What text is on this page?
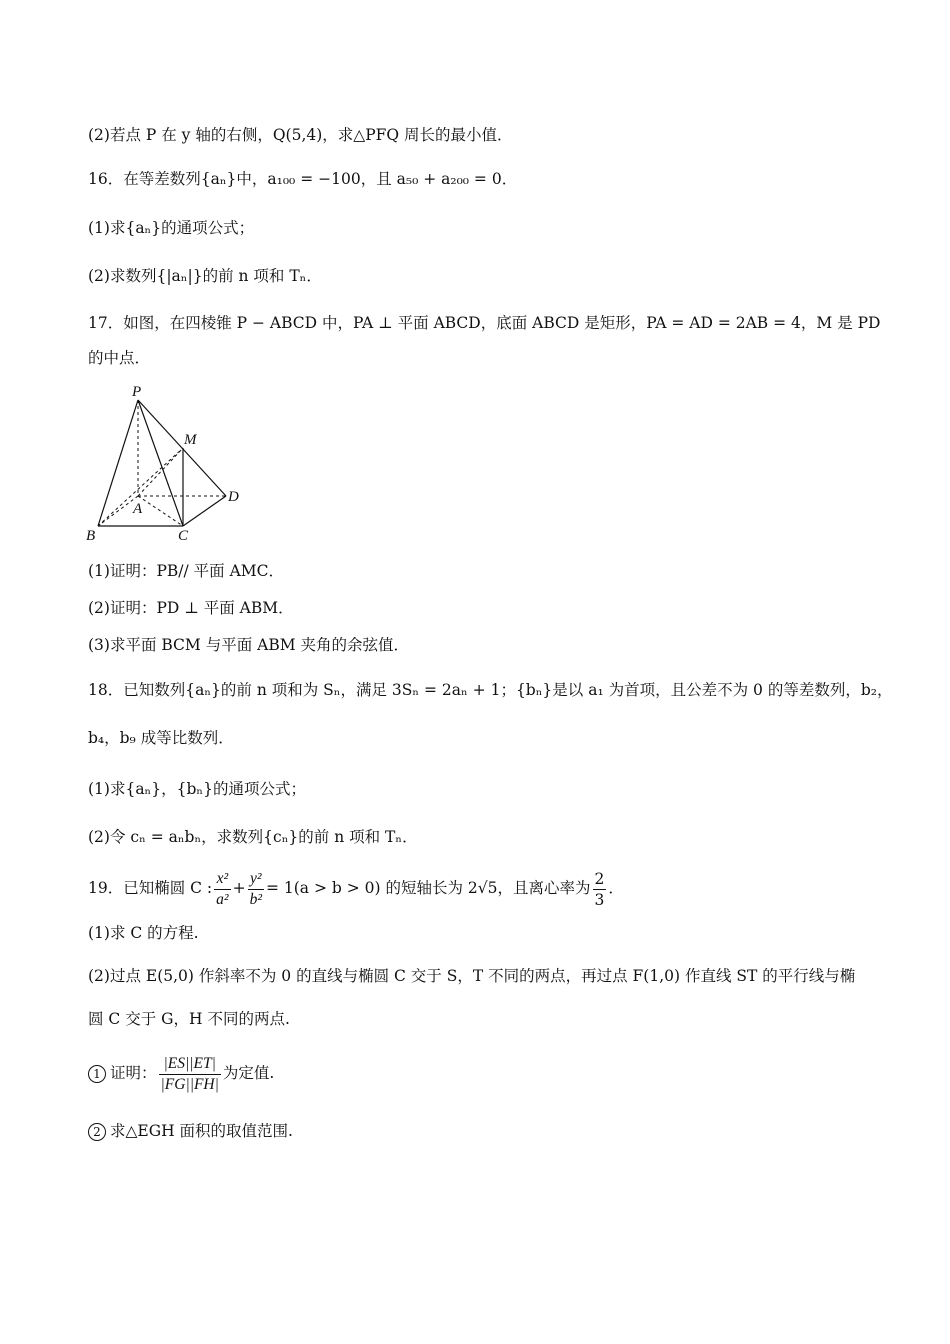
(2)若点 P 在 y 轴的右侧，Q(5,4)，求△PFQ 周长的最小值．
16．在等差数列{aₙ}中，a₁₀₀ = −100，且 a₅₀ + a₂₀₀ = 0．
(1)求{aₙ}的通项公式；
(2)求数列{|aₙ|}的前 n 项和 Tₙ．
17．如图，在四棱锥 P − ABCD 中，PA ⊥ 平面 ABCD，底面 ABCD 是矩形，PA = AD = 2AB = 4，M 是 PD
的中点．
P
M
A
B	C
D
(1)证明：PB// 平面 AMC．
(2)证明：PD ⊥ 平面 ABM．
(3)求平面 BCM 与平面 ABM 夹角的余弦值．
18．已知数列{aₙ}的前 n 项和为 Sₙ，满足 3Sₙ = 2aₙ + 1；{bₙ}是以 a₁ 为首项，且公差不为 0 的等差数列，b₂，
b₄，b₉ 成等比数列．
(1)求{aₙ}，{bₙ}的通项公式；
(2)令 cₙ = aₙbₙ，求数列{cₙ}的前 n 项和 Tₙ．
19．已知椭圆 C : $\frac{\text{x²}}{\text{a²}} + \frac{\text{y²}}{\text{b²}} = 1(a > b > 0)$ 的短轴长为 2√5，且离心率为 $\frac{2}{3}$ ．
(1)求 C 的方程.
(2)过点 E(5,0) 作斜率不为 0 的直线与椭圆 C 交于 S，T 不同的两点，再过点 F(1,0) 作直线 ST 的平行线与椭
圆 C 交于 G，H 不同的两点.
1 证明： $\frac{|ES||ET|}{|FG||FH|}$ 为定值.
2 求△EGH 面积的取值范围.
